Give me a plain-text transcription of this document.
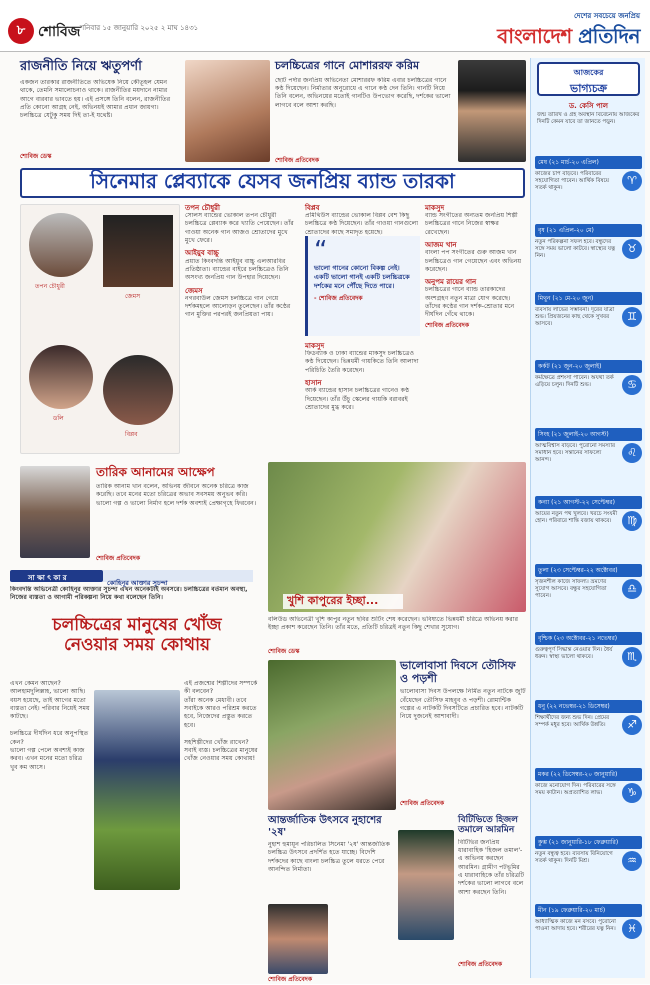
৮ শোবিজ শনিবার ১৫ জানুয়ারি ২০২৫ ২ মাঘ ১৪৩১
দেশের সবচেয়ে জনপ্রিয়
বাংলাদেশ প্রতিদিন
রাজনীতি নিয়ে ঋতুপর্ণা
একজন তারকার রাজনীতিতে অভিষেক নিয়ে কৌতূহল যেমন থাকে, তেমনি সমালোচনাও থাকে। রাজনীতির ময়দানে নামার আগে বারবার ভাবতে হয়। এই প্রসঙ্গে তিনি বলেন, রাজনীতির প্রতি কোনো আগ্রহ নেই, অভিনয়ই আমার প্রধান জায়গা। চলচ্চিত্রে যেটুকু সময় দিই তা-ই যথেষ্ট।
শোবিজ ডেস্ক
চলচ্চিত্রের গানে মোশাররফ করিম
ছোট পর্দার জনপ্রিয় অভিনেতা মোশাররফ করিম এবার চলচ্চিত্রের গানে কণ্ঠ দিয়েছেন। নির্মাতার অনুরোধে এ গানে কণ্ঠ দেন তিনি। গানটি নিয়ে তিনি বলেন, অভিনয়ের মতোই গানটিও উপভোগ করেছি, দর্শকের ভালো লাগবে বলে আশা করছি।
শোবিজ প্রতিবেদক
সিনেমার প্লেব্যাকে যেসব জনপ্রিয় ব্যান্ড তারকা
তপন চৌধুরী
জেমস
ডলি
বিপ্লব
তপন চৌধুরী
সোলস ব্যান্ডের ভোকাল তপন চৌধুরী চলচ্চিত্রে প্লেব্যাক করে খ্যাতি পেয়েছেন। তাঁর গাওয়া অনেক গান আজও শ্রোতাদের মুখে মুখে ফেরে।
আইয়ুব বাচ্চু
প্রয়াত কিংবদন্তি আইয়ুব বাচ্চু এলআরবির প্রতিষ্ঠাতা। ব্যান্ডের বাইরে চলচ্চিত্রেও তিনি অসংখ্য জনপ্রিয় গান উপহার দিয়েছেন।
জেমস
নগরবাউল জেমস চলচ্চিত্রে গান গেয়ে দর্শকমহলে আলোড়ন তুলেছেন। তাঁর কণ্ঠের গান মুক্তির পরপরই জনপ্রিয়তা পায়।
বিপ্লব
প্রমিথিউস ব্যান্ডের ভোকাল বিপ্লব বেশ কিছু চলচ্চিত্রে কণ্ঠ দিয়েছেন। তাঁর গাওয়া গানগুলো শ্রোতাদের কাছে সমাদৃত হয়েছে।
“
ভালো গানের কোনো বিকল্প নেই। একটি ভালো গানই একটি চলচ্চিত্রকে দর্শকের মনে পৌঁছে দিতে পারে।
- শোবিজ প্রতিবেদক
মাকসুদ
ফিডব্যাক ও ঢাকা ব্যান্ডের মাকসুদ চলচ্চিত্রেও কণ্ঠ দিয়েছেন। ভিন্নধর্মী গায়কিতে তিনি আলাদা পরিচিতি তৈরি করেছেন।
হাসান
আর্ক ব্যান্ডের হাসান চলচ্চিত্রের গানেও কণ্ঠ দিয়েছেন। তাঁর উঁচু স্কেলের গায়কি বরাবরই শ্রোতাদের মুগ্ধ করে।
মাকসুদ
ব্যান্ড সংগীতের অন্যতম জনপ্রিয় শিল্পী চলচ্চিত্রের গানে নিজের স্বাক্ষর রেখেছেন।
আজম খান
বাংলা পপ সংগীতের গুরু আজম খান চলচ্চিত্রেও গান গেয়েছেন এবং অভিনয় করেছেন।
অনুপম রায়ের গান
চলচ্চিত্রের গানে ব্যান্ড তারকাদের অংশগ্রহণ নতুন মাত্রা যোগ করেছে। তাঁদের কণ্ঠের গান দর্শক-শ্রোতার মনে দীর্ঘদিন গেঁথে থাকে।
শোবিজ প্রতিবেদক
তারিক আনামের আক্ষেপ
তারিক আনাম খান বলেন, অভিনয় জীবনে অনেক চরিত্রে কাজ করেছি। তবে মনের মতো চরিত্রের অভাব সবসময় অনুভব করি। ভালো গল্প ও ভালো নির্মাণ হলে দর্শক অবশ্যই প্রেক্ষাগৃহে ফিরবেন।
শোবিজ প্রতিবেদক
খুশি কাপুরের ইচ্ছা...
বলিউড অভিনেত্রী খুশি কাপুর নতুন ছবির শুটিং শেষ করেছেন। ভবিষ্যতে ভিন্নধর্মী চরিত্রে অভিনয় করার ইচ্ছা প্রকাশ করেছেন তিনি। তাঁর মতে, প্রতিটি চরিত্রই নতুন কিছু শেখার সুযোগ।
শোবিজ ডেস্ক
সা ক্ষা ৎ কা র
কোহিনূর আক্তার সুচন্দা
কিংবদন্তি অভিনেত্রী কোহিনূর আক্তার সুচন্দা এখন অনেকটাই অবসরে। চলচ্চিত্রের বর্তমান অবস্থা, নিজের ব্যস্ততা ও আগামী পরিকল্পনা নিয়ে কথা বলেছেন তিনি।
চলচ্চিত্রের মানুষের খোঁজ
নেওয়ার সময় কোথায়
এখন কেমন আছেন?
আলহামদুলিল্লাহ, ভালো আছি। বয়স হয়েছে, তাই আগের মতো ব্যস্ততা নেই। পরিবার নিয়েই সময় কাটছে।

চলচ্চিত্রে দীর্ঘদিন ধরে অনুপস্থিত কেন?
ভালো গল্প পেলে অবশ্যই কাজ করব। এখন মনের মতো চরিত্র খুব কম আসে।
এই প্রজন্মের শিল্পীদের সম্পর্কে কী বলবেন?
তাঁরা অনেক মেধাবী। তবে সবাইকে আরও পরিশ্রম করতে হবে, নিজেদের প্রস্তুত করতে হবে।

সহশিল্পীদের খোঁজ রাখেন?
সবাই ব্যস্ত। চলচ্চিত্রের মানুষের খোঁজ নেওয়ার সময় কোথায়!
ভালোবাসা দিবসে তৌসিফ ও পড়শী
ভালোবাসা দিবস উপলক্ষে নির্মিত নতুন নাটকে জুটি বেঁধেছেন তৌসিফ মাহবুব ও পড়শী। রোমান্টিক গল্পের এ নাটকটি দিবসটিতে প্রচারিত হবে। নাটকটি নিয়ে দুজনেই আশাবাদী।
শোবিজ প্রতিবেদক
আন্তর্জাতিক উৎসবে নুহাশের '২ষ'
নুহাশ হুমায়ূন পরিচালিত সিনেমা '২ষ' আন্তর্জাতিক চলচ্চিত্র উৎসবে প্রদর্শিত হতে যাচ্ছে। বিদেশি দর্শকদের কাছে বাংলা চলচ্চিত্র তুলে ধরতে পেরে আনন্দিত নির্মাতা।
শোবিজ প্রতিবেদক
বিটিভিতে হিজল তমালে আরমিন
বিটিভির জনপ্রিয় ধারাবাহিক 'হিজল তমাল'-এ অভিনয় করছেন আরমিন। গ্রামীণ পটভূমির এ ধারাবাহিকে তাঁর চরিত্রটি দর্শকের ভালো লাগবে বলে আশা করছেন তিনি।
শোবিজ প্রতিবেদক
আজকের
ভাগ্যচক্র
ড. কেসি পাল
জন্ম তারিখ ও গ্রহ অবস্থান বিবেচনায় আজকের দিনটি কেমন যাবে তা জানতে পড়ুন।
মেষ (২১ মার্চ-২০ এপ্রিল)
কাজের চাপ বাড়বে। পরিবারের সহযোগিতা পাবেন। আর্থিক বিষয়ে সতর্ক থাকুন।
♈
বৃষ (২১ এপ্রিল-২০ মে)
নতুন পরিকল্পনা সফল হবে। বন্ধুদের সঙ্গে সময় ভালো কাটবে। স্বাস্থ্যের যত্ন নিন।
♉
মিথুন (২১ মে-২০ জুন)
ব্যবসায় লাভের সম্ভাবনা। দূরের যাত্রা শুভ। প্রিয়জনের কাছ থেকে সুখবর আসবে।
♊
কর্কট (২১ জুন-২০ জুলাই)
কর্মক্ষেত্রে প্রশংসা পাবেন। অযথা তর্ক এড়িয়ে চলুন। দিনটি শুভ।	♋
সিংহ (২১ জুলাই-২০ আগস্ট)
আত্মবিশ্বাস বাড়বে। পুরোনো সমস্যার সমাধান হবে। সন্তানের সাফল্যে আনন্দ।
♌
কন্যা (২১ আগস্ট-২২ সেপ্টেম্বর)
আয়ের নতুন পথ খুলবে। খরচে সংযমী হোন। পরিবারে শান্তি বজায় থাকবে।	♍
তুলা (২৩ সেপ্টেম্বর-২২ অক্টোবর)
সৃজনশীল কাজে সাফল্য। ভ্রমণের সুযোগ আসবে। বন্ধুর সহযোগিতা পাবেন।
♎
বৃশ্চিক (২৩ অক্টোবর-২১ নভেম্বর)
গুরুত্বপূর্ণ সিদ্ধান্ত নেওয়ার দিন। ধৈর্য ধরুন। স্বাস্থ্য ভালো থাকবে।	♏
ধনু (২২ নভেম্বর-২১ ডিসেম্বর)
শিক্ষার্থীদের জন্য শুভ দিন। প্রেমের সম্পর্ক মধুর হবে। আর্থিক উন্নতি।	♐
মকর (২২ ডিসেম্বর-২০ জানুয়ারি)
কাজে মনোযোগ দিন। পরিবারের সঙ্গে সময় কাটান। অপ্রত্যাশিত লাভ।	♑
কুম্ভ (২১ জানুয়ারি-১৮ ফেব্রুয়ারি)
নতুন বন্ধুত্ব হবে। ব্যবসায় বিনিয়োগে সতর্ক থাকুন। দিনটি মিশ্র।	♒
মীন (১৯ ফেব্রুয়ারি-২০ মার্চ)
আধ্যাত্মিক কাজে মন বসবে। পুরোনো পাওনা আদায় হবে। শরীরের যত্ন নিন।	♓
